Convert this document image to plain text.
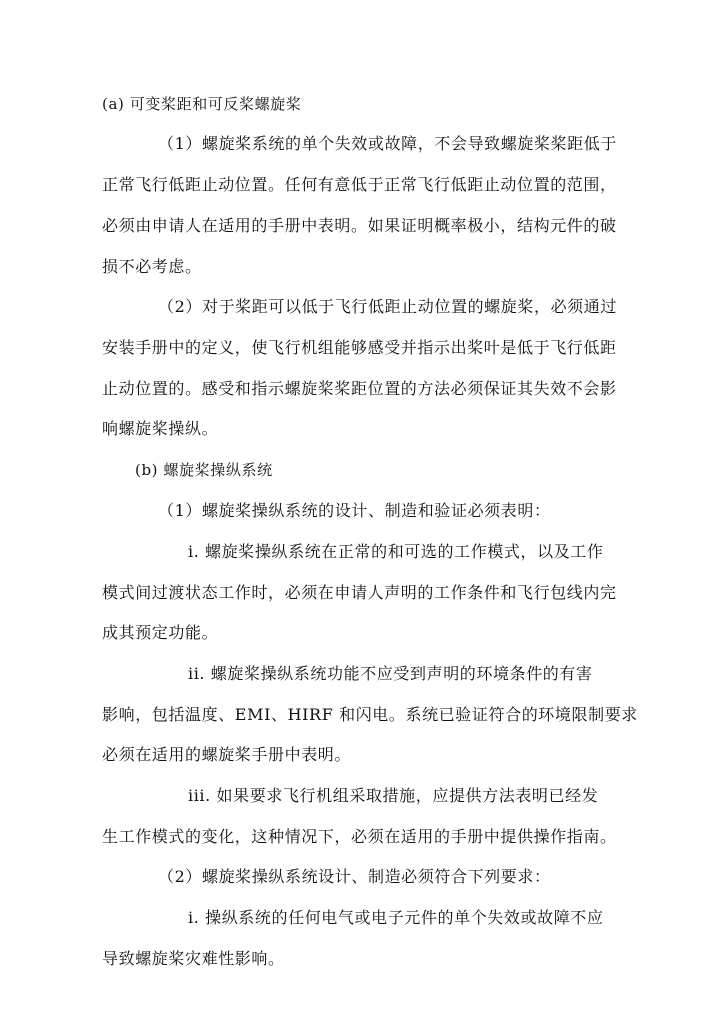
(a) 可变桨距和可反桨螺旋桨
（1）螺旋桨系统的单个失效或故障，不会导致螺旋桨桨距低于
正常飞行低距止动位置。任何有意低于正常飞行低距止动位置的范围，
必须由申请人在适用的手册中表明。如果证明概率极小，结构元件的破
损不必考虑。
（2）对于桨距可以低于飞行低距止动位置的螺旋桨，必须通过
安装手册中的定义，使飞行机组能够感受并指示出桨叶是低于飞行低距
止动位置的。感受和指示螺旋桨桨距位置的方法必须保证其失效不会影
响螺旋桨操纵。
(b) 螺旋桨操纵系统
（1）螺旋桨操纵系统的设计、制造和验证必须表明：
i. 螺旋桨操纵系统在正常的和可选的工作模式，以及工作
模式间过渡状态工作时，必须在申请人声明的工作条件和飞行包线内完
成其预定功能。
ii. 螺旋桨操纵系统功能不应受到声明的环境条件的有害
影响，包括温度、EMI、HIRF 和闪电。系统已验证符合的环境限制要求
必须在适用的螺旋桨手册中表明。
iii. 如果要求飞行机组采取措施，应提供方法表明已经发
生工作模式的变化，这种情况下，必须在适用的手册中提供操作指南。
（2）螺旋桨操纵系统设计、制造必须符合下列要求：
i. 操纵系统的任何电气或电子元件的单个失效或故障不应
导致螺旋桨灾难性影响。
